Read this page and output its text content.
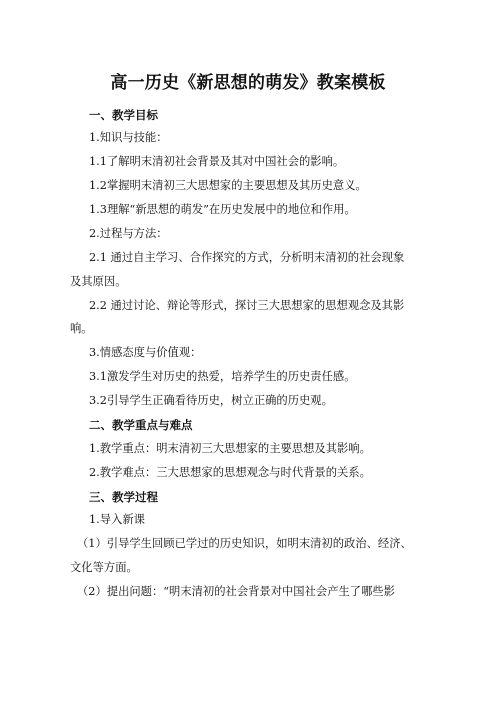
高一历史《新思想的萌发》教案模板
一、教学目标
1.知识与技能：
1.1了解明末清初社会背景及其对中国社会的影响。
1.2掌握明末清初三大思想家的主要思想及其历史意义。
1.3理解“新思想的萌发”在历史发展中的地位和作用。
2.过程与方法：
2.1 通过自主学习、合作探究的方式，分析明末清初的社会现象
及其原因。
2.2 通过讨论、辩论等形式，探讨三大思想家的思想观念及其影
响。
3.情感态度与价值观：
3.1激发学生对历史的热爱，培养学生的历史责任感。
3.2引导学生正确看待历史，树立正确的历史观。
二、教学重点与难点
1.教学重点：明末清初三大思想家的主要思想及其影响。
2.教学难点：三大思想家的思想观念与时代背景的关系。
三、教学过程
1.导入新课
（1）引导学生回顾已学过的历史知识，如明末清初的政治、经济、
文化等方面。
（2）提出问题：“明末清初的社会背景对中国社会产生了哪些影
